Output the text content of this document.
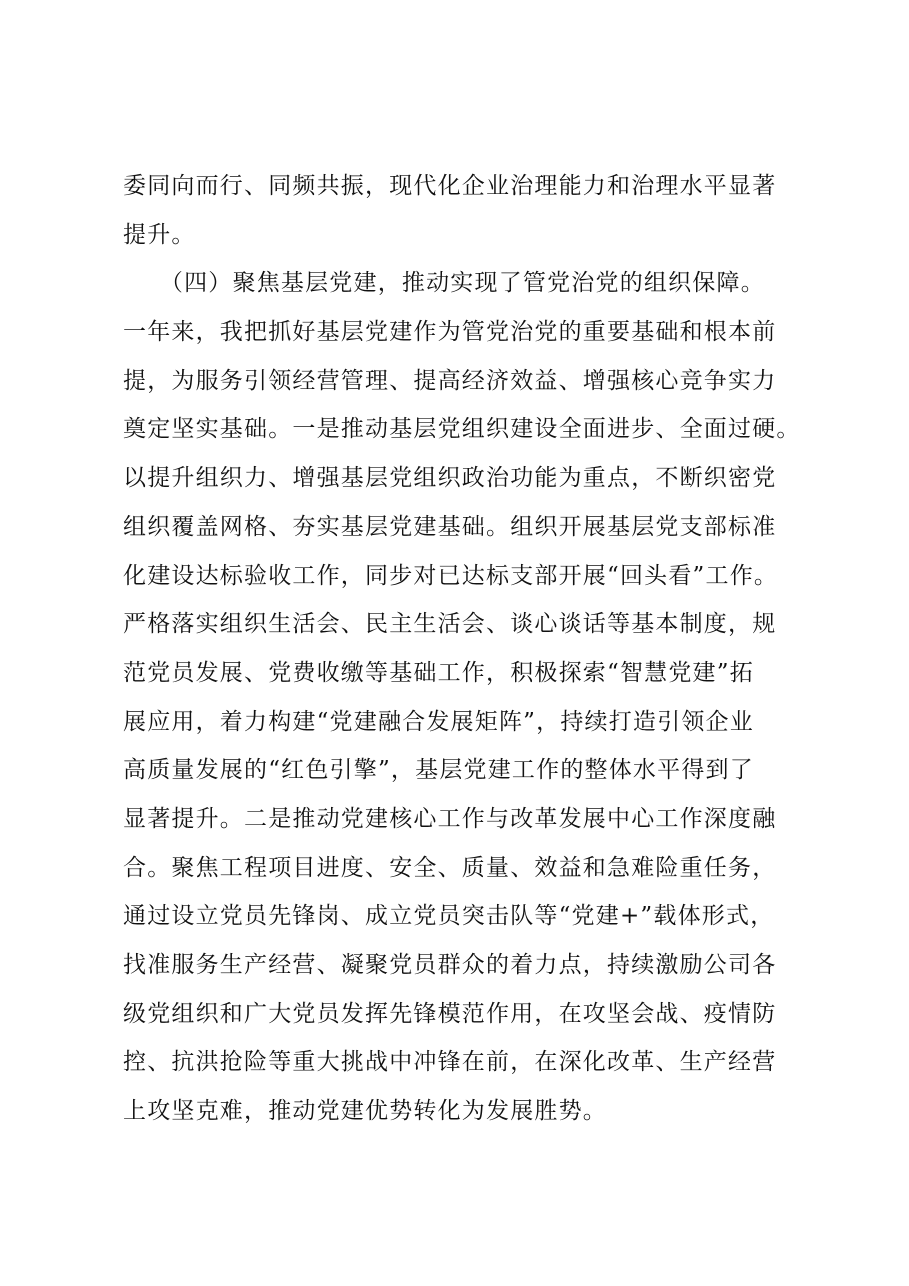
委同向而行、同频共振，现代化企业治理能力和治理水平显著
提升。
　　（四）聚焦基层党建，推动实现了管党治党的组织保障。
一年来，我把抓好基层党建作为管党治党的重要基础和根本前
提，为服务引领经营管理、提高经济效益、增强核心竞争实力
奠定坚实基础。一是推动基层党组织建设全面进步、全面过硬。
以提升组织力、增强基层党组织政治功能为重点，不断织密党
组织覆盖网格、夯实基层党建基础。组织开展基层党支部标准
化建设达标验收工作，同步对已达标支部开展“回头看”工作。
严格落实组织生活会、民主生活会、谈心谈话等基本制度，规
范党员发展、党费收缴等基础工作，积极探索“智慧党建”拓
展应用，着力构建“党建融合发展矩阵”，持续打造引领企业
高质量发展的“红色引擎”，基层党建工作的整体水平得到了
显著提升。二是推动党建核心工作与改革发展中心工作深度融
合。聚焦工程项目进度、安全、质量、效益和急难险重任务，
通过设立党员先锋岗、成立党员突击队等“党建+”载体形式，
找准服务生产经营、凝聚党员群众的着力点，持续激励公司各
级党组织和广大党员发挥先锋模范作用，在攻坚会战、疫情防
控、抗洪抢险等重大挑战中冲锋在前，在深化改革、生产经营
上攻坚克难，推动党建优势转化为发展胜势。
